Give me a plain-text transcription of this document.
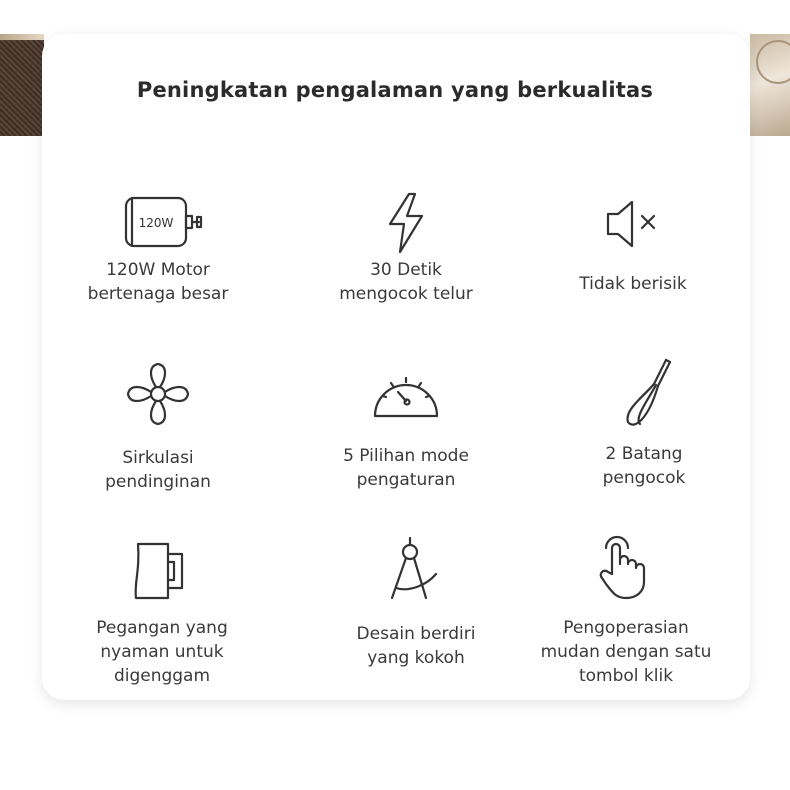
Peningkatan pengalaman yang berkualitas
120W
120W Motor
bertenaga besar
30 Detik
mengocok telur	Tidak berisik
Sirkulasi
pendinginan
5 Pilihan mode
pengaturan
2 Batang
pengocok
Pegangan yang
nyaman untuk
digenggam
Desain berdiri
yang kokoh
Pengoperasian
mudan dengan satu
tombol klik
